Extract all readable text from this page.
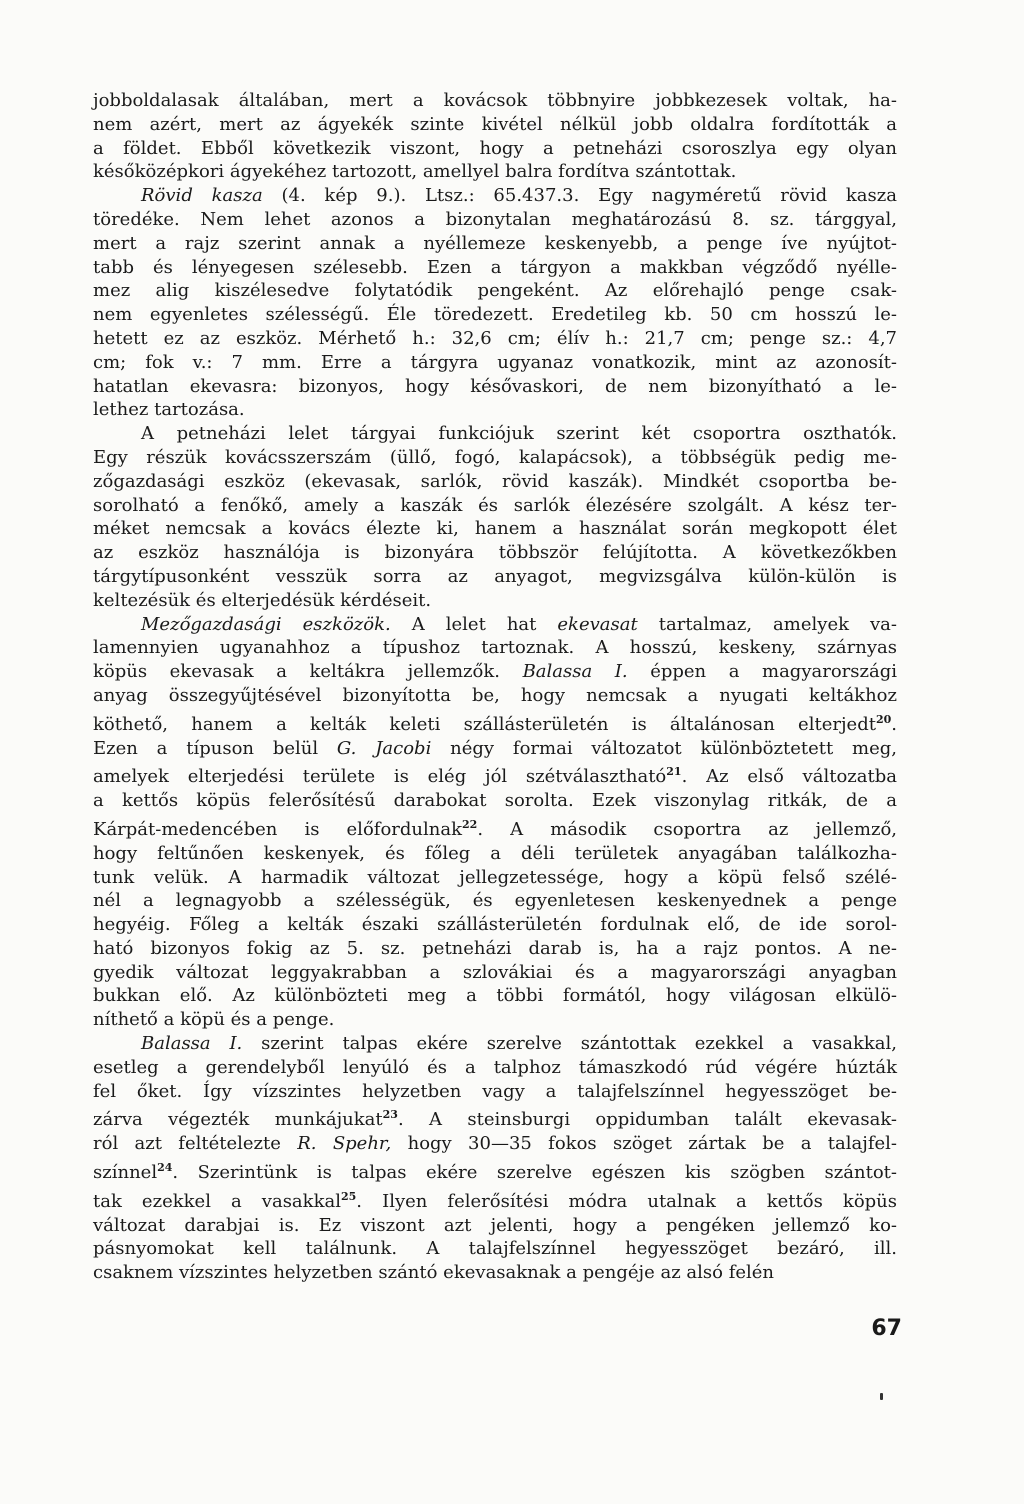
jobboldalasak általában, mert a kovácsok többnyire jobbkezesek voltak, ha-
nem azért, mert az ágyekék szinte kivétel nélkül jobb oldalra fordították a
a földet. Ebből következik viszont, hogy a petneházi csoroszlya egy olyan
későközépkori ágyekéhez tartozott, amellyel balra fordítva szántottak.
Rövid kasza (4. kép 9.). Ltsz.: 65.437.3. Egy nagyméretű rövid kasza
töredéke. Nem lehet azonos a bizonytalan meghatározású 8. sz. tárggyal,
mert a rajz szerint annak a nyéllemeze keskenyebb, a penge íve nyújtot-
tabb és lényegesen szélesebb. Ezen a tárgyon a makkban végződő nyélle-
mez alig kiszélesedve folytatódik pengeként. Az előrehajló penge csak-
nem egyenletes szélességű. Éle töredezett. Eredetileg kb. 50 cm hosszú le-
hetett ez az eszköz. Mérhető h.: 32,6 cm; élív h.: 21,7 cm; penge sz.: 4,7
cm; fok v.: 7 mm. Erre a tárgyra ugyanaz vonatkozik, mint az azonosít-
hatatlan ekevasra: bizonyos, hogy késővaskori, de nem bizonyítható a le-
lethez tartozása.
A petneházi lelet tárgyai funkciójuk szerint két csoportra oszthatók.
Egy részük kovácsszerszám (üllő, fogó, kalapácsok), a többségük pedig me-
zőgazdasági eszköz (ekevasak, sarlók, rövid kaszák). Mindkét csoportba be-
sorolható a fenőkő, amely a kaszák és sarlók élezésére szolgált. A kész ter-
méket nemcsak a kovács élezte ki, hanem a használat során megkopott élet
az eszköz használója is bizonyára többször felújította. A következőkben
tárgytípusonként vesszük sorra az anyagot, megvizsgálva külön-külön is
keltezésük és elterjedésük kérdéseit.
Mezőgazdasági eszközök. A lelet hat ekevasat tartalmaz, amelyek va-
lamennyien ugyanahhoz a típushoz tartoznak. A hosszú, keskeny, szárnyas
köpüs ekevasak a keltákra jellemzők. Balassa I. éppen a magyarországi
anyag összegyűjtésével bizonyította be, hogy nemcsak a nyugati keltákhoz
köthető, hanem a kelták keleti szállásterületén is általánosan elterjedt$^{20}$.
Ezen a típuson belül G. Jacobi négy formai változatot különböztetett meg,
amelyek elterjedési területe is elég jól szétválasztható$^{21}$. Az első változatba
a kettős köpüs felerősítésű darabokat sorolta. Ezek viszonylag ritkák, de a
Kárpát-medencében is előfordulnak$^{22}$. A második csoportra az jellemző,
hogy feltűnően keskenyek, és főleg a déli területek anyagában találkozha-
tunk velük. A harmadik változat jellegzetessége, hogy a köpü felső szélé-
nél a legnagyobb a szélességük, és egyenletesen keskenyednek a penge
hegyéig. Főleg a kelták északi szállásterületén fordulnak elő, de ide sorol-
ható bizonyos fokig az 5. sz. petneházi darab is, ha a rajz pontos. A ne-
gyedik változat leggyakrabban a szlovákiai és a magyarországi anyagban
bukkan elő. Az különbözteti meg a többi formától, hogy világosan elkülö-
níthető a köpü és a penge.
Balassa I. szerint talpas ekére szerelve szántottak ezekkel a vasakkal,
esetleg a gerendelyből lenyúló és a talphoz támaszkodó rúd végére húzták
fel őket. Így vízszintes helyzetben vagy a talajfelszínnel hegyesszöget be-
zárva végezték munkájukat$^{23}$. A steinsburgi oppidumban talált ekevasak-
ról azt feltételezte R. Spehr, hogy 30—35 fokos szöget zártak be a talajfel-
színnel$^{24}$. Szerintünk is talpas ekére szerelve egészen kis szögben szántot-
tak ezekkel a vasakkal$^{25}$. Ilyen felerősítési módra utalnak a kettős köpüs
változat darabjai is. Ez viszont azt jelenti, hogy a pengéken jellemző ko-
pásnyomokat kell találnunk. A talajfelszínnel hegyesszöget bezáró, ill.
csaknem vízszintes helyzetben szántó ekevasaknak a pengéje az alsó felén
67
